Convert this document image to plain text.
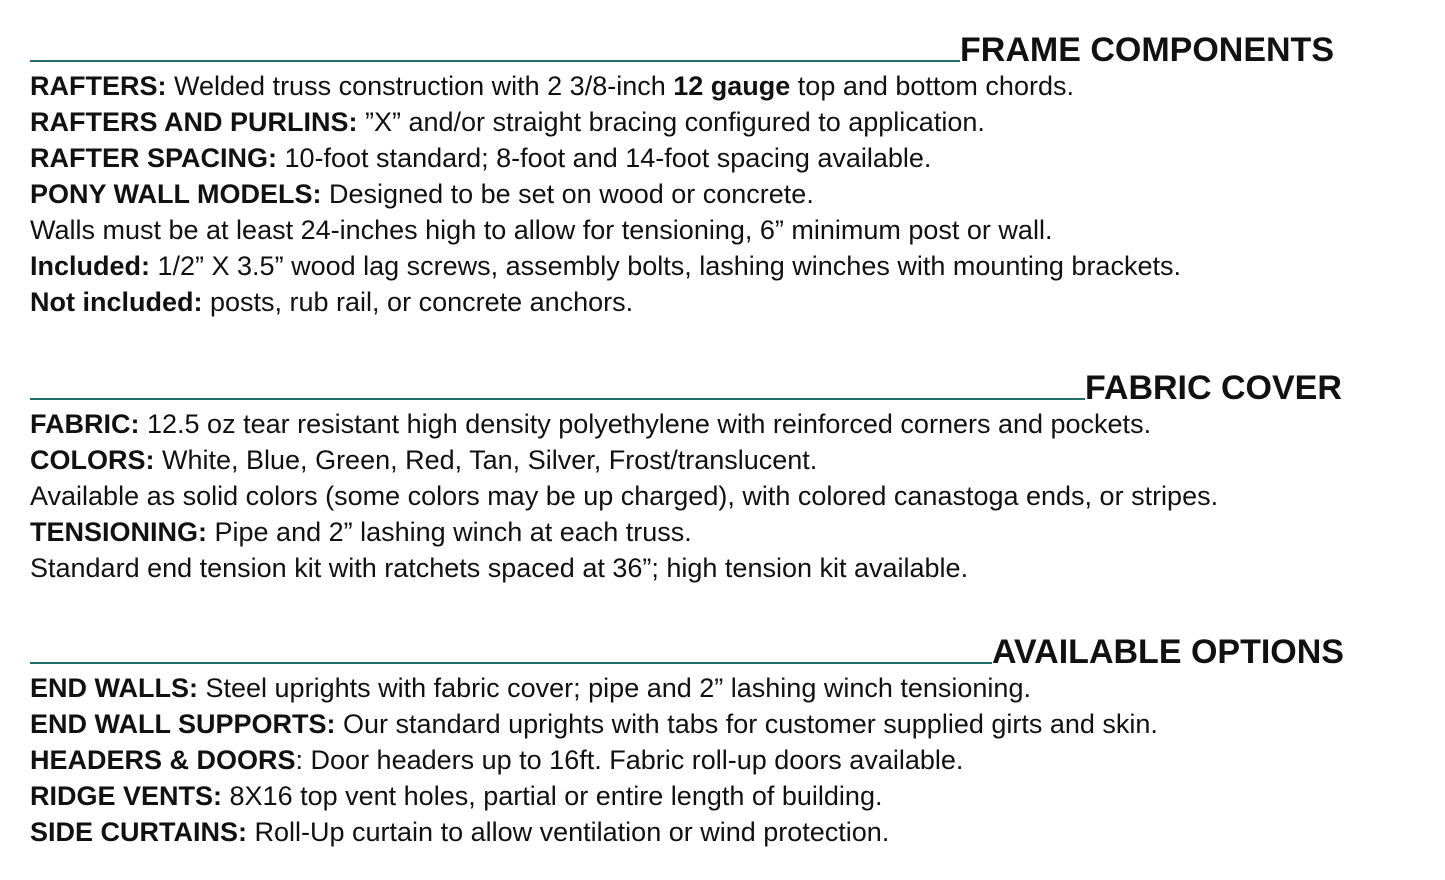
FRAME COMPONENTS
RAFTERS: Welded truss construction with 2 3/8-inch 12 gauge top and bottom chords.
RAFTERS AND PURLINS: ”X” and/or straight bracing configured to application.
RAFTER SPACING: 10-foot standard; 8-foot and 14-foot spacing available.
PONY WALL MODELS: Designed to be set on wood or concrete.
Walls must be at least 24-inches high to allow for tensioning, 6” minimum post or wall.
Included: 1/2” X 3.5” wood lag screws, assembly bolts, lashing winches with mounting brackets.
Not included: posts, rub rail, or concrete anchors.
FABRIC COVER
FABRIC: 12.5 oz tear resistant high density polyethylene with reinforced corners and pockets.
COLORS: White, Blue, Green, Red, Tan, Silver, Frost/translucent.
Available as solid colors (some colors may be up charged), with colored canastoga ends, or stripes.
TENSIONING: Pipe and 2” lashing winch at each truss.
Standard end tension kit with ratchets spaced at 36”; high tension kit available.
AVAILABLE OPTIONS
END WALLS: Steel uprights with fabric cover; pipe and 2” lashing winch tensioning.
END WALL SUPPORTS: Our standard uprights with tabs for customer supplied girts and skin.
HEADERS & DOORS: Door headers up to 16ft. Fabric roll-up doors available.
RIDGE VENTS: 8X16 top vent holes, partial or entire length of building.
SIDE CURTAINS: Roll-Up curtain to allow ventilation or wind protection.
